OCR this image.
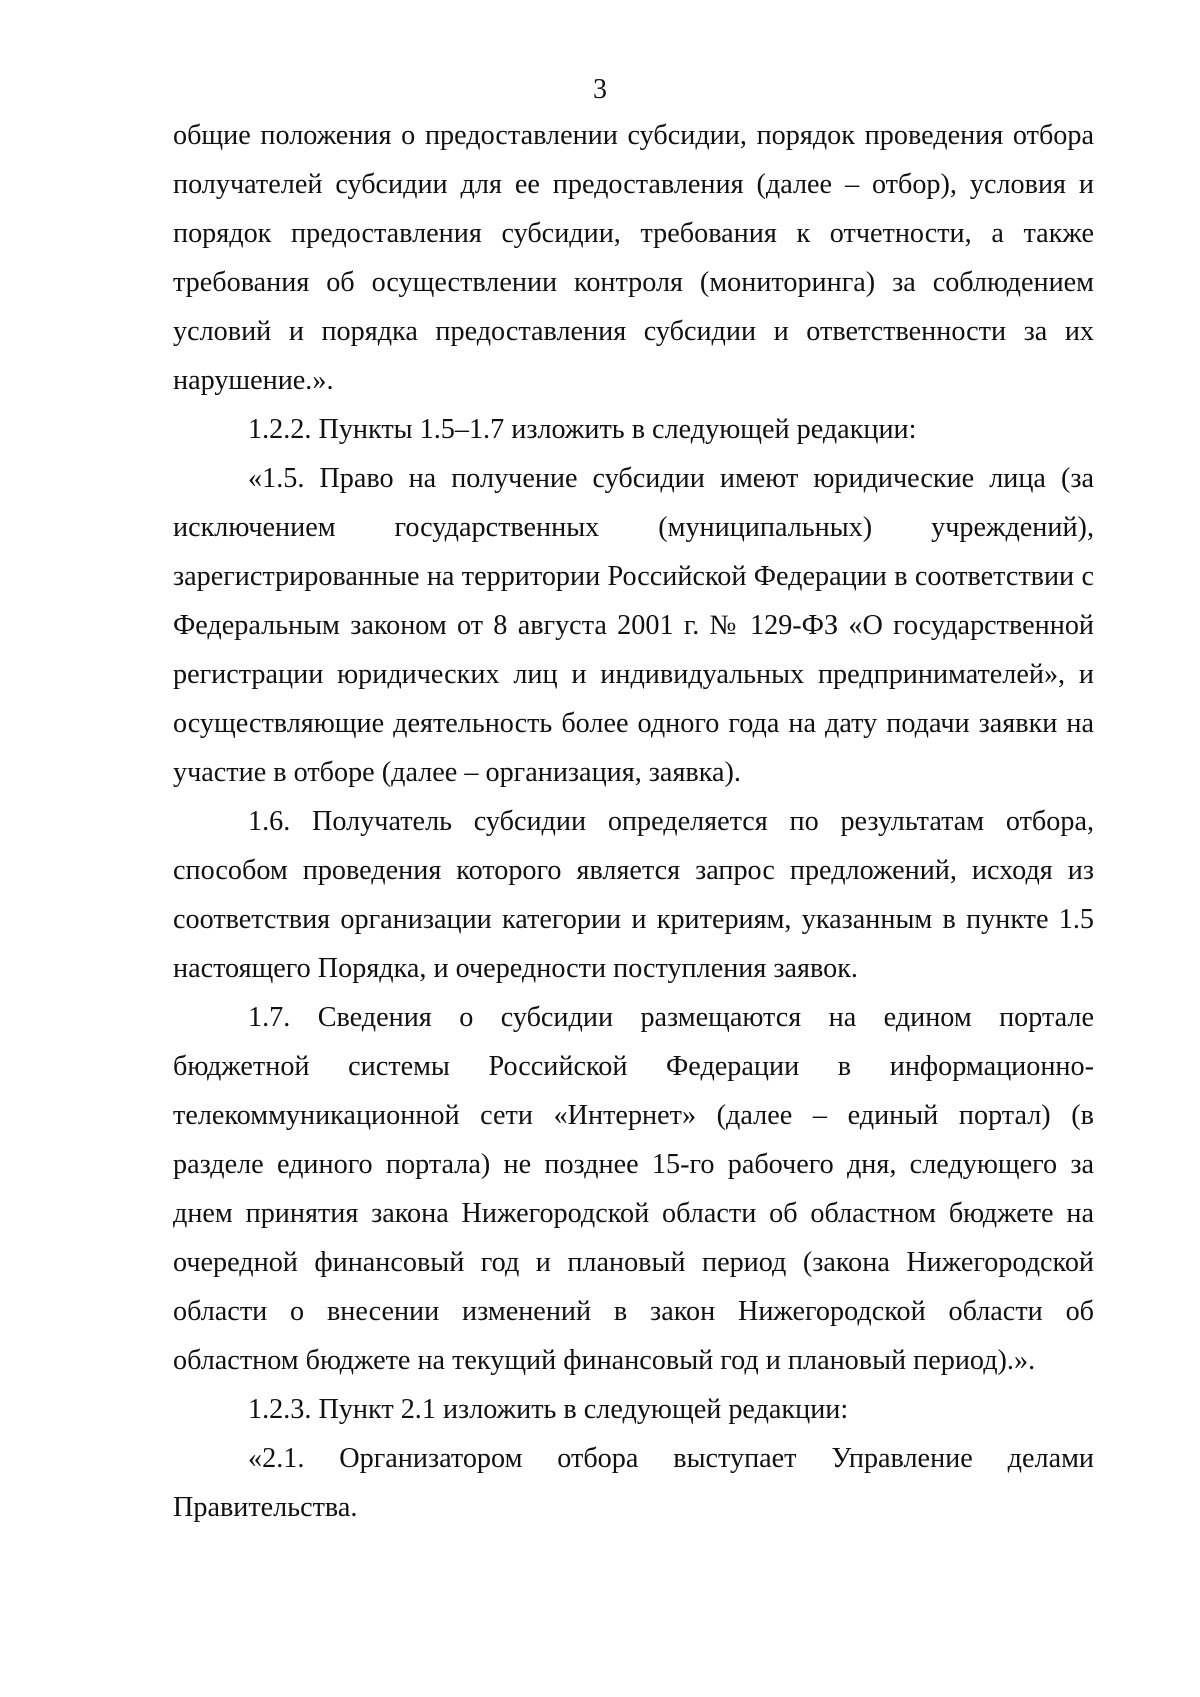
3

общие положения о предоставлении субсидии, порядок проведения отбора получателей субсидии для ее предоставления (далее – отбор), условия и порядок предоставления субсидии, требования к отчетности, а также требования об осуществлении контроля (мониторинга) за соблюдением условий и порядка предоставления субсидии и ответственности за их нарушение.».

1.2.2. Пункты 1.5–1.7 изложить в следующей редакции:

«1.5. Право на получение субсидии имеют юридические лица (за исключением государственных (муниципальных) учреждений), зарегистрированные на территории Российской Федерации в соответствии с Федеральным законом от 8 августа 2001 г. № 129-ФЗ «О государственной регистрации юридических лиц и индивидуальных предпринимателей», и осуществляющие деятельность более одного года на дату подачи заявки на участие в отборе (далее – организация, заявка).

1.6. Получатель субсидии определяется по результатам отбора, способом проведения которого является запрос предложений, исходя из соответствия организации категории и критериям, указанным в пункте 1.5 настоящего Порядка, и очередности поступления заявок.

1.7. Сведения о субсидии размещаются на едином портале бюджетной системы Российской Федерации в информационно-телекоммуникационной сети «Интернет» (далее – единый портал) (в разделе единого портала) не позднее 15-го рабочего дня, следующего за днем принятия закона Нижегородской области об областном бюджете на очередной финансовый год и плановый период (закона Нижегородской области о внесении изменений в закон Нижегородской области об областном бюджете на текущий финансовый год и плановый период).».

1.2.3. Пункт 2.1 изложить в следующей редакции:

«2.1. Организатором отбора выступает Управление делами Правительства.
